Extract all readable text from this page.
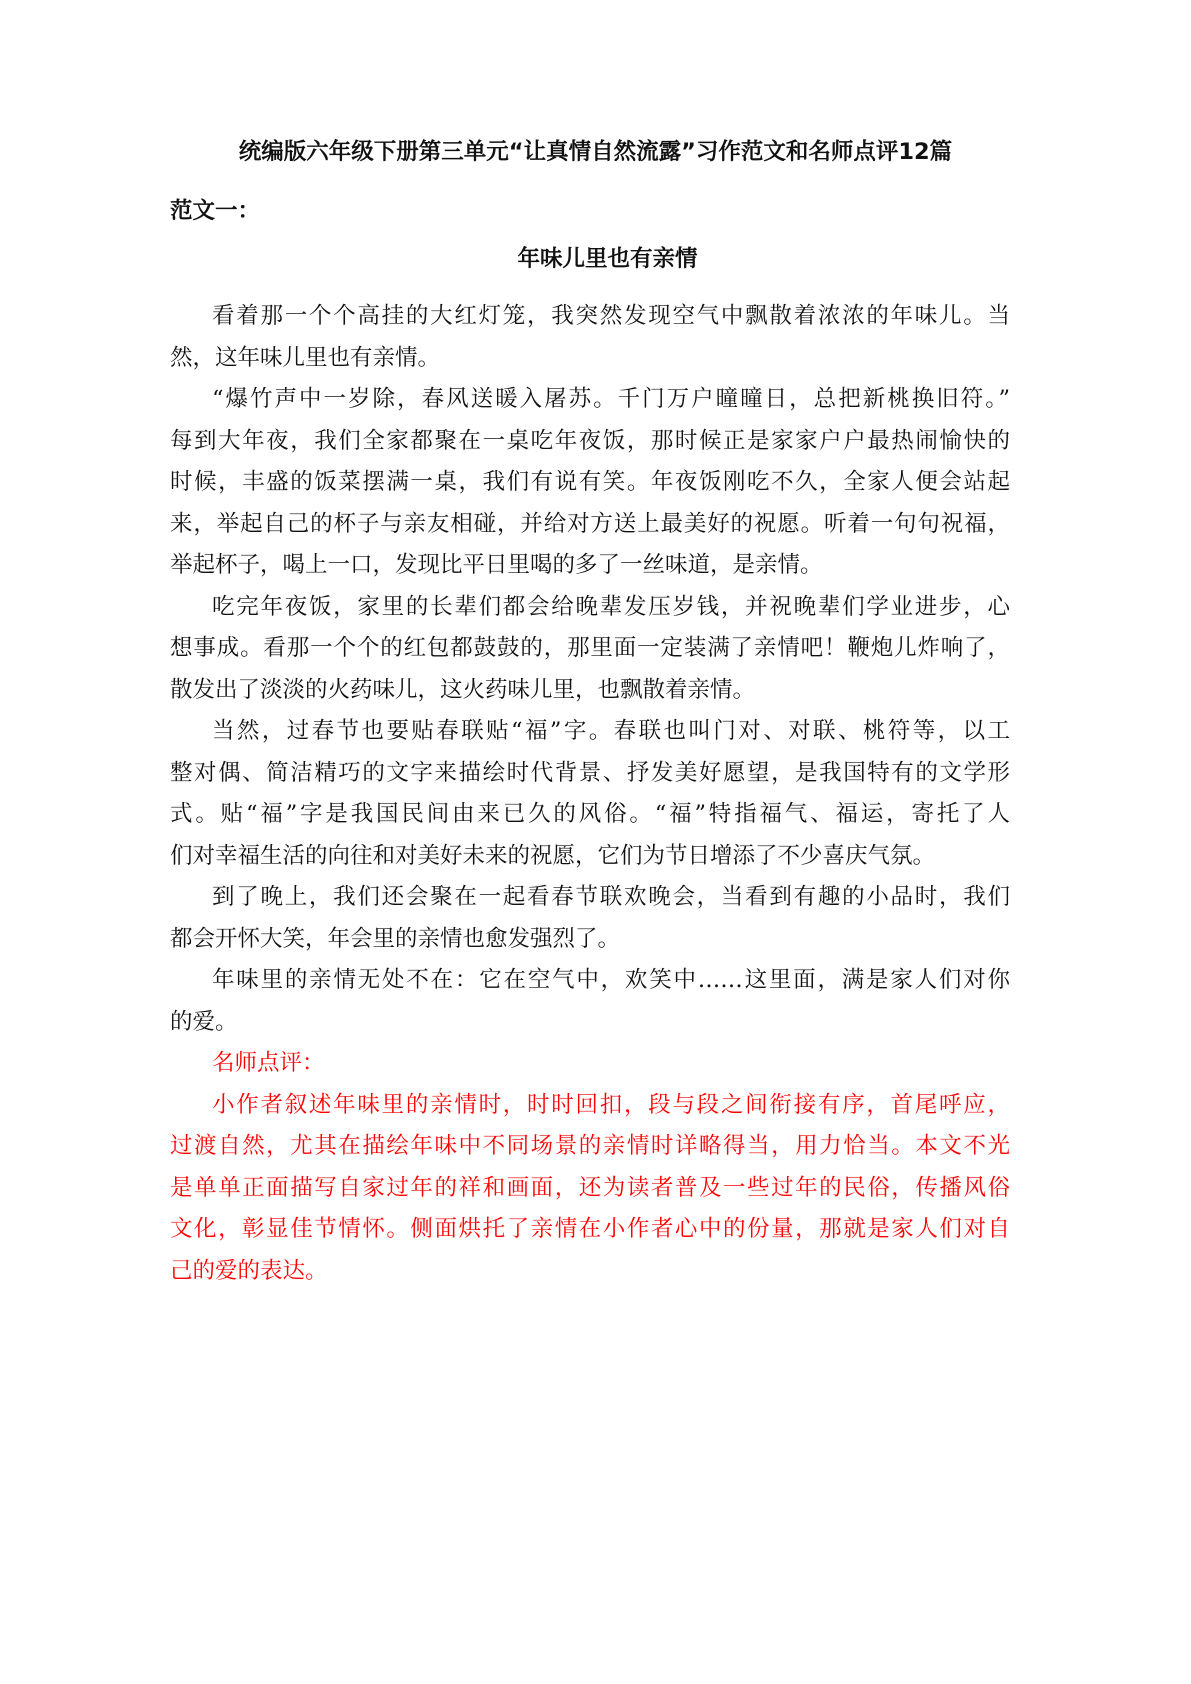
统编版六年级下册第三单元“让真情自然流露”习作范文和名师点评12篇
范文一：
年味儿里也有亲情
看着那一个个高挂的大红灯笼，我突然发现空气中飘散着浓浓的年味儿。当
然，这年味儿里也有亲情。
“爆竹声中一岁除，春风送暖入屠苏。千门万户曈曈日，总把新桃换旧符。”
每到大年夜，我们全家都聚在一桌吃年夜饭，那时候正是家家户户最热闹愉快的
时候，丰盛的饭菜摆满一桌，我们有说有笑。年夜饭刚吃不久，全家人便会站起
来，举起自己的杯子与亲友相碰，并给对方送上最美好的祝愿。听着一句句祝福，
举起杯子，喝上一口，发现比平日里喝的多了一丝味道，是亲情。
吃完年夜饭，家里的长辈们都会给晚辈发压岁钱，并祝晚辈们学业进步，心
想事成。看那一个个的红包都鼓鼓的，那里面一定装满了亲情吧！鞭炮儿炸响了，
散发出了淡淡的火药味儿，这火药味儿里，也飘散着亲情。
当然，过春节也要贴春联贴“福”字。春联也叫门对、对联、桃符等，以工
整对偶、简洁精巧的文字来描绘时代背景、抒发美好愿望，是我国特有的文学形
式。贴“福”字是我国民间由来已久的风俗。“福”特指福气、福运，寄托了人
们对幸福生活的向往和对美好未来的祝愿，它们为节日增添了不少喜庆气氛。
到了晚上，我们还会聚在一起看春节联欢晚会，当看到有趣的小品时，我们
都会开怀大笑，年会里的亲情也愈发强烈了。
年味里的亲情无处不在：它在空气中，欢笑中……这里面，满是家人们对你
的爱。
名师点评：
小作者叙述年味里的亲情时，时时回扣，段与段之间衔接有序，首尾呼应，
过渡自然，尤其在描绘年味中不同场景的亲情时详略得当，用力恰当。本文不光
是单单正面描写自家过年的祥和画面，还为读者普及一些过年的民俗，传播风俗
文化，彰显佳节情怀。侧面烘托了亲情在小作者心中的份量，那就是家人们对自
己的爱的表达。
